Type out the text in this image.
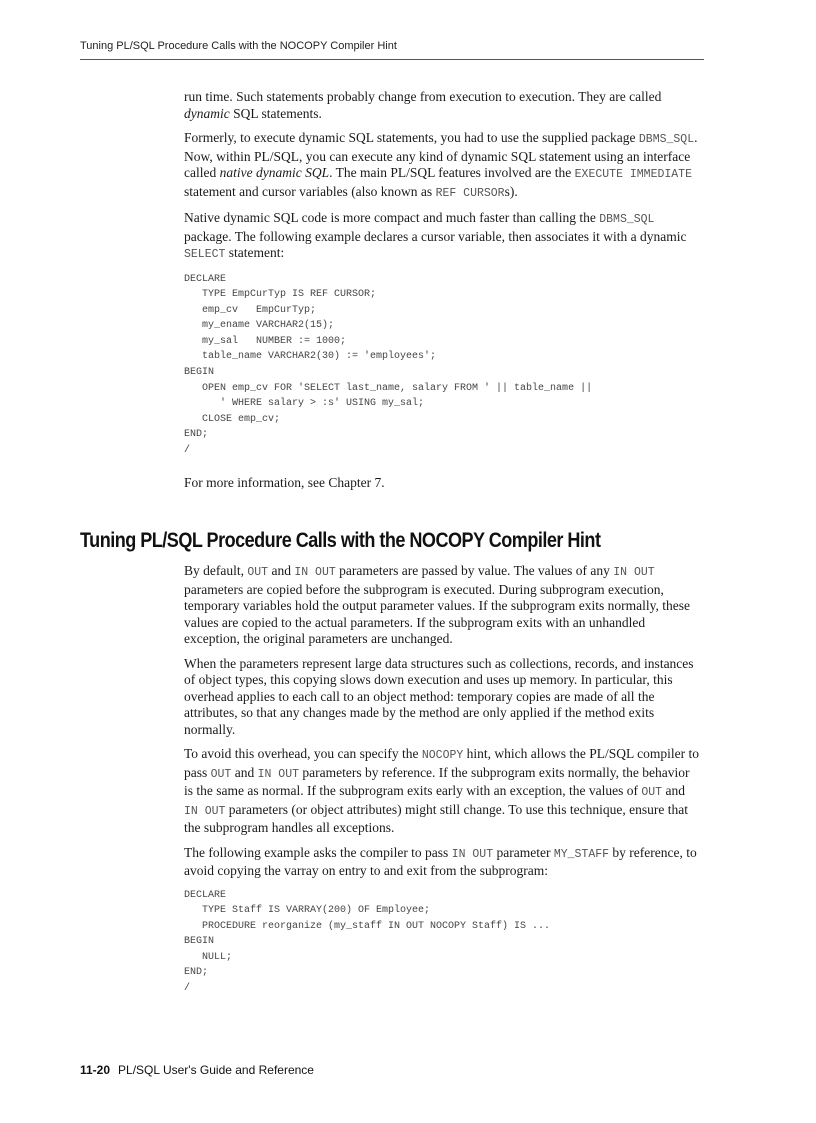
Tuning PL/SQL Procedure Calls with the NOCOPY Compiler Hint

run time. Such statements probably change from execution to execution. They are called dynamic SQL statements.

Formerly, to execute dynamic SQL statements, you had to use the supplied package DBMS_SQL. Now, within PL/SQL, you can execute any kind of dynamic SQL statement using an interface called native dynamic SQL. The main PL/SQL features involved are the EXECUTE IMMEDIATE statement and cursor variables (also known as REF CURSORs).

Native dynamic SQL code is more compact and much faster than calling the DBMS_SQL package. The following example declares a cursor variable, then associates it with a dynamic SELECT statement:

DECLARE
TYPE EmpCurTyp IS REF CURSOR;
emp_cv   EmpCurTyp;
my_ename VARCHAR2(15);
my_sal   NUMBER := 1000;
table_name VARCHAR2(30) := 'employees';
BEGIN
OPEN emp_cv FOR 'SELECT last_name, salary FROM ' || table_name ||
' WHERE salary > :s' USING my_sal;
CLOSE emp_cv;
END;
/

For more information, see Chapter 7.

Tuning PL/SQL Procedure Calls with the NOCOPY Compiler Hint

By default, OUT and IN OUT parameters are passed by value. The values of any IN OUT parameters are copied before the subprogram is executed. During subprogram execution, temporary variables hold the output parameter values. If the subprogram exits normally, these values are copied to the actual parameters. If the subprogram exits with an unhandled exception, the original parameters are unchanged.

When the parameters represent large data structures such as collections, records, and instances of object types, this copying slows down execution and uses up memory. In particular, this overhead applies to each call to an object method: temporary copies are made of all the attributes, so that any changes made by the method are only applied if the method exits normally.

To avoid this overhead, you can specify the NOCOPY hint, which allows the PL/SQL compiler to pass OUT and IN OUT parameters by reference. If the subprogram exits normally, the behavior is the same as normal. If the subprogram exits early with an exception, the values of OUT and IN OUT parameters (or object attributes) might still change. To use this technique, ensure that the subprogram handles all exceptions.

The following example asks the compiler to pass IN OUT parameter MY_STAFF by reference, to avoid copying the varray on entry to and exit from the subprogram:

DECLARE
TYPE Staff IS VARRAY(200) OF Employee;
PROCEDURE reorganize (my_staff IN OUT NOCOPY Staff) IS ...
BEGIN
NULL;
END;
/
11-20 PL/SQL User's Guide and Reference
